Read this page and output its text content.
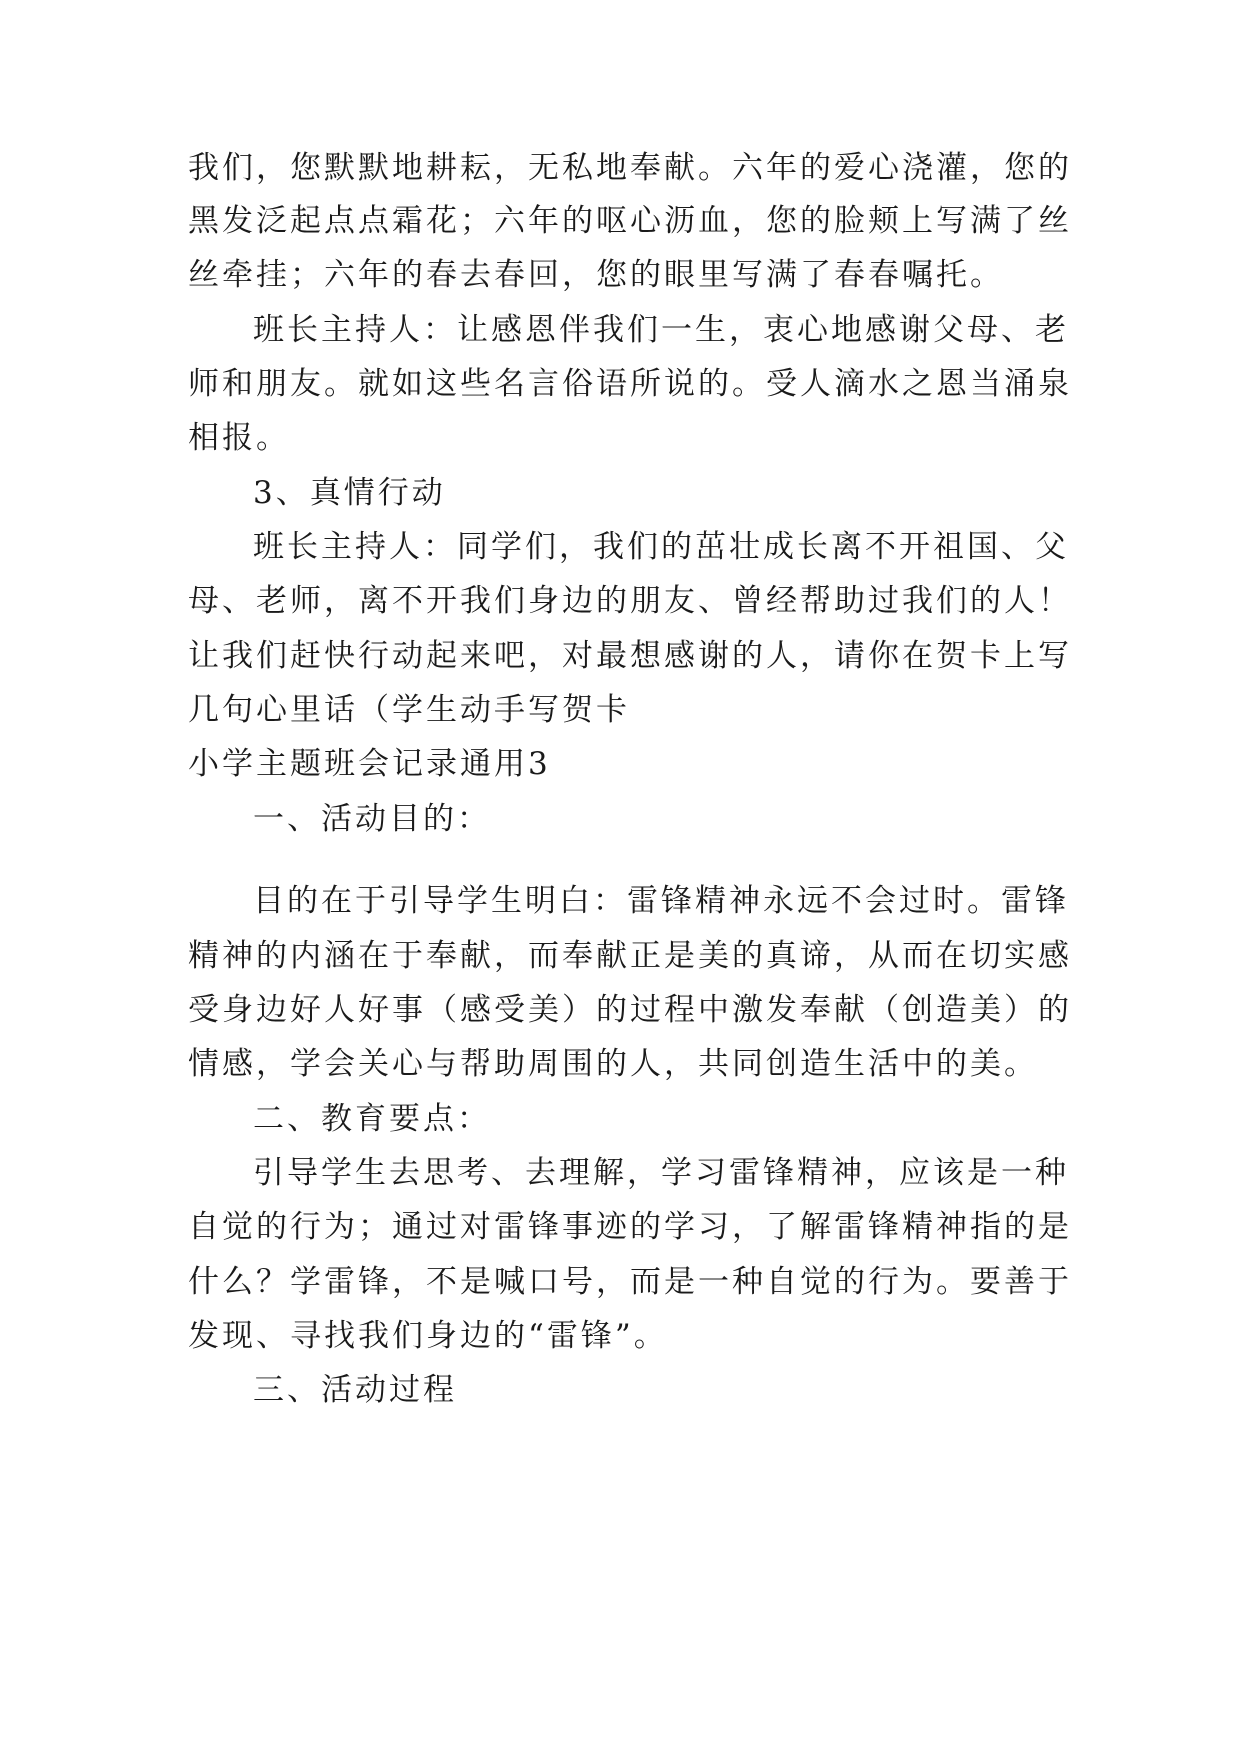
我们，您默默地耕耘，无私地奉献。六年的爱心浇灌，您的
黑发泛起点点霜花；六年的呕心沥血，您的脸颊上写满了丝
丝牵挂；六年的春去春回，您的眼里写满了春春嘱托。
班长主持人：让感恩伴我们一生，衷心地感谢父母、老
师和朋友。就如这些名言俗语所说的。受人滴水之恩当涌泉
相报。
3、真情行动
班长主持人：同学们，我们的茁壮成长离不开祖国、父
母、老师，离不开我们身边的朋友、曾经帮助过我们的人！
让我们赶快行动起来吧，对最想感谢的人，请你在贺卡上写
几句心里话（学生动手写贺卡
小学主题班会记录通用3
一、活动目的：
目的在于引导学生明白：雷锋精神永远不会过时。雷锋
精神的内涵在于奉献，而奉献正是美的真谛，从而在切实感
受身边好人好事（感受美）的过程中激发奉献（创造美）的
情感，学会关心与帮助周围的人，共同创造生活中的美。
二、教育要点：
引导学生去思考、去理解，学习雷锋精神，应该是一种
自觉的行为；通过对雷锋事迹的学习，了解雷锋精神指的是
什么？学雷锋，不是喊口号，而是一种自觉的行为。要善于
发现、寻找我们身边的“雷锋”。
三、活动过程
